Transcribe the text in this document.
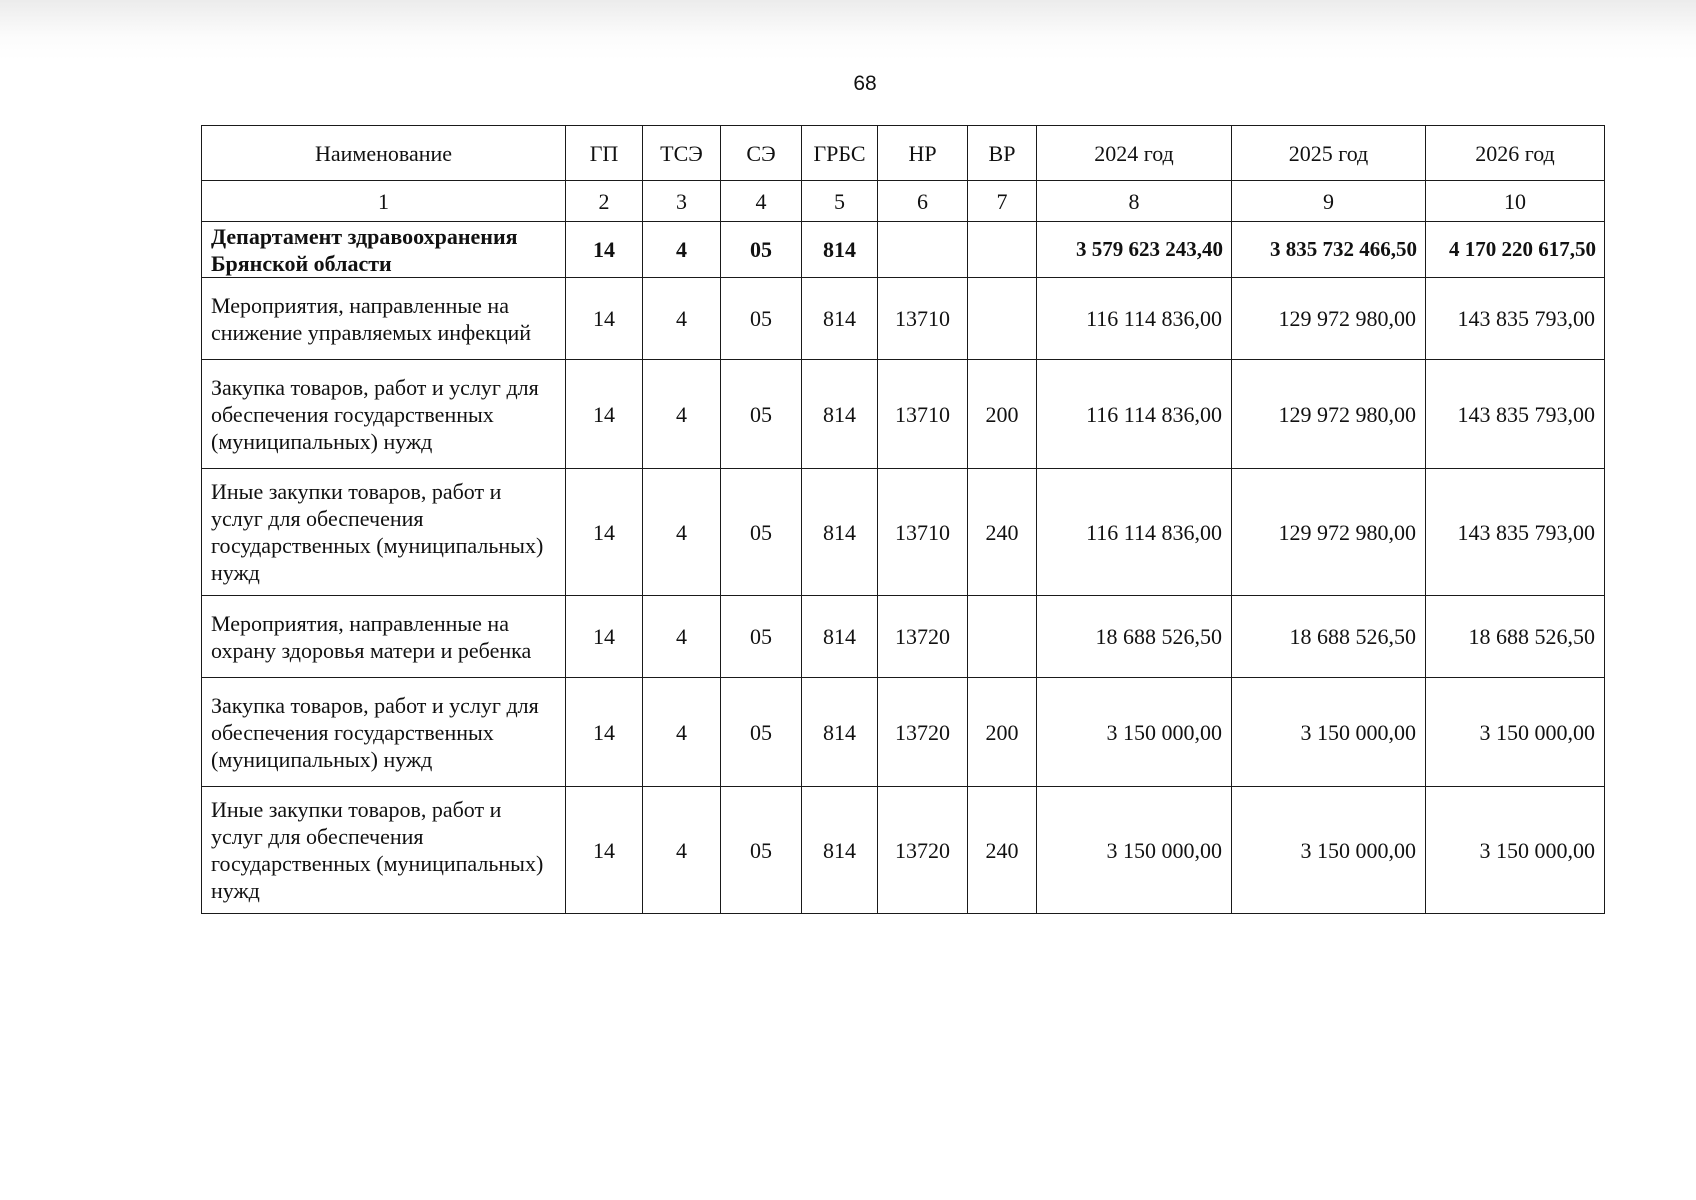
68
Наименование	ГП	ТСЭ	СЭ	ГРБС	НР	ВР	2024 год	2025 год	2026 год
1	2	3	4	5	6	7	8	9	10
Департамент здравоохранения Брянской области	14	4	05	814			3 579 623 243,40	3 835 732 466,50	4 170 220 617,50
Мероприятия, направленные на снижение управляемых инфекций	14	4	05	814	13710		116 114 836,00	129 972 980,00	143 835 793,00
Закупка товаров, работ и услуг для обеспечения государственных (муниципальных) нужд	14	4	05	814	13710	200	116 114 836,00	129 972 980,00	143 835 793,00
Иные закупки товаров, работ и услуг для обеспечения государственных (муниципальных) нужд	14	4	05	814	13710	240	116 114 836,00	129 972 980,00	143 835 793,00
Мероприятия, направленные на охрану здоровья матери и ребенка	14	4	05	814	13720		18 688 526,50	18 688 526,50	18 688 526,50
Закупка товаров, работ и услуг для обеспечения государственных (муниципальных) нужд	14	4	05	814	13720	200	3 150 000,00	3 150 000,00	3 150 000,00
Иные закупки товаров, работ и услуг для обеспечения государственных (муниципальных) нужд	14	4	05	814	13720	240	3 150 000,00	3 150 000,00	3 150 000,00
